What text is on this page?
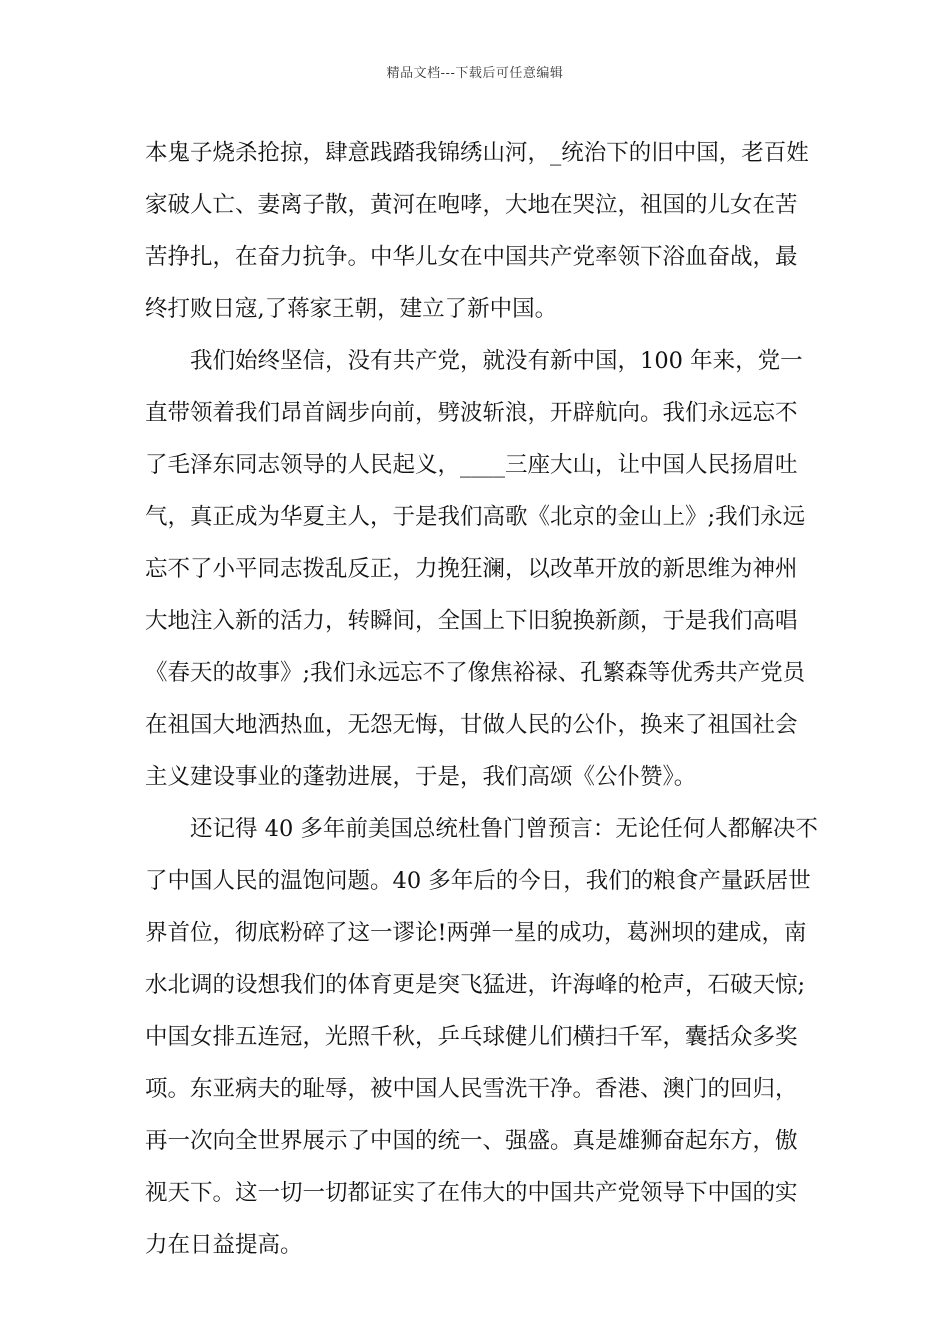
精品文档---下载后可任意编辑
本鬼子烧杀抢掠，肆意践踏我锦绣山河，_统治下的旧中国，老百姓
家破人亡、妻离子散，黄河在咆哮，大地在哭泣，祖国的儿女在苦
苦挣扎，在奋力抗争。中华儿女在中国共产党率领下浴血奋战，最
终打败日寇,了蒋家王朝，建立了新中国。
我们始终坚信，没有共产党，就没有新中国，100 年来，党一
直带领着我们昂首阔步向前，劈波斩浪，开辟航向。我们永远忘不
了毛泽东同志领导的人民起义，____三座大山，让中国人民扬眉吐
气，真正成为华夏主人，于是我们高歌《北京的金山上》;我们永远
忘不了小平同志拨乱反正，力挽狂澜，以改革开放的新思维为神州
大地注入新的活力，转瞬间，全国上下旧貌换新颜，于是我们高唱
《春天的故事》;我们永远忘不了像焦裕禄、孔繁森等优秀共产党员
在祖国大地洒热血，无怨无悔，甘做人民的公仆，换来了祖国社会
主义建设事业的蓬勃进展，于是，我们高颂《公仆赞》。
还记得 40 多年前美国总统杜鲁门曾预言：无论任何人都解决不
了中国人民的温饱问题。40 多年后的今日，我们的粮食产量跃居世
界首位，彻底粉碎了这一谬论!两弹一星的成功，葛洲坝的建成，南
水北调的设想我们的体育更是突飞猛进，许海峰的枪声，石破天惊;
中国女排五连冠，光照千秋，乒乓球健儿们横扫千军，囊括众多奖
项。东亚病夫的耻辱，被中国人民雪洗干净。香港、澳门的回归，
再一次向全世界展示了中国的统一、强盛。真是雄狮奋起东方，傲
视天下。这一切一切都证实了在伟大的中国共产党领导下中国的实
力在日益提高。
